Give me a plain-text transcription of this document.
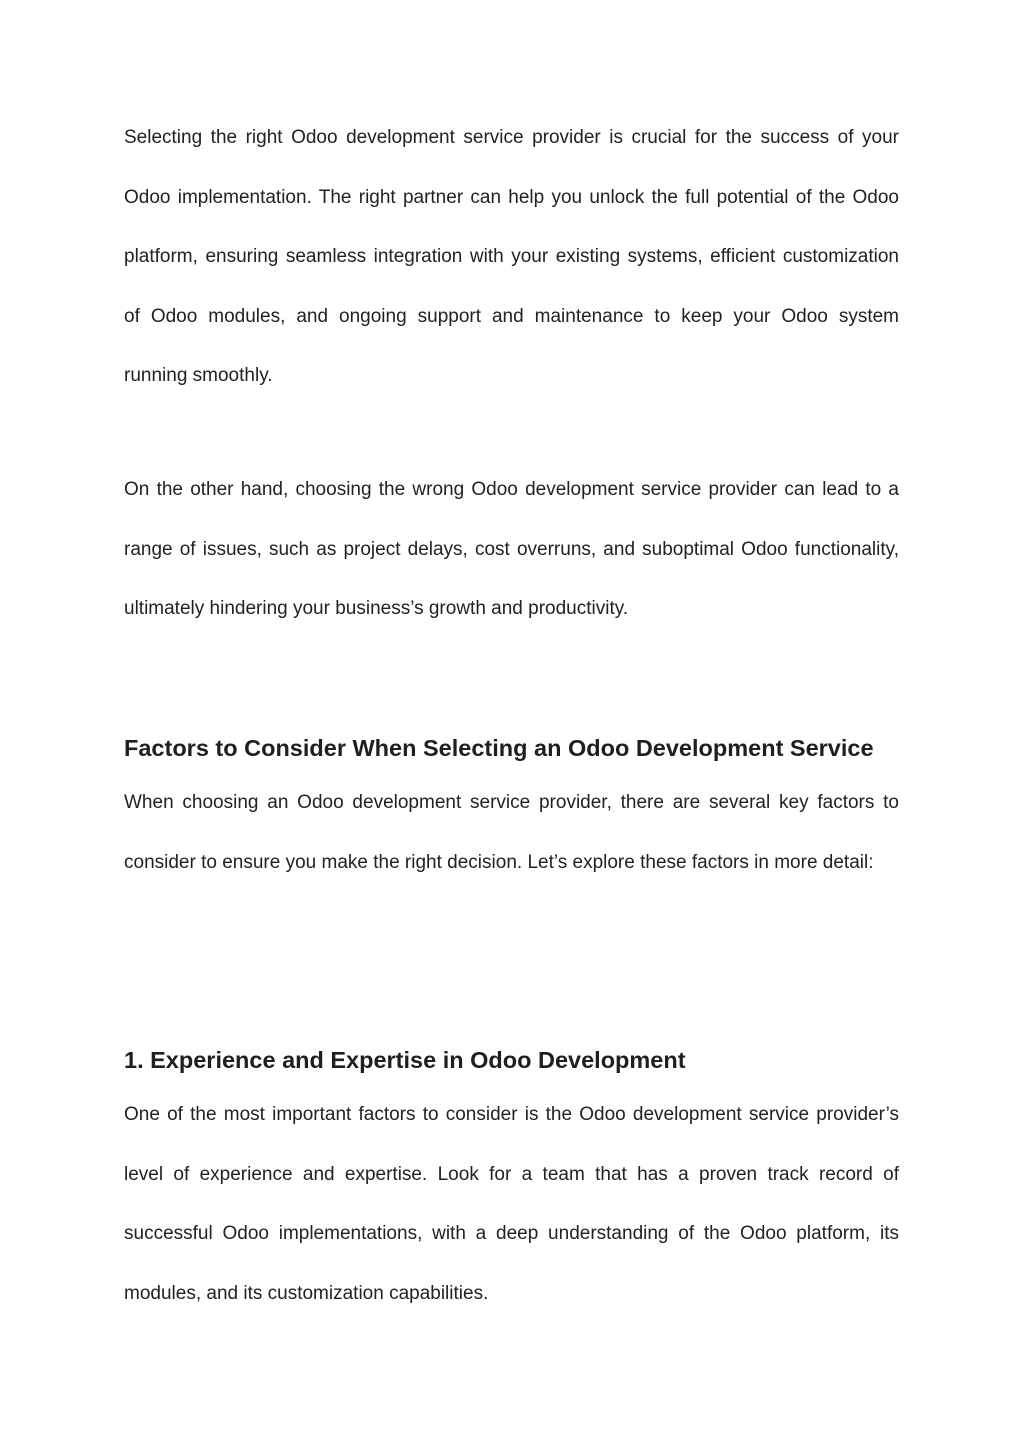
Selecting the right Odoo development service provider is crucial for the success of your Odoo implementation. The right partner can help you unlock the full potential of the Odoo platform, ensuring seamless integration with your existing systems, efficient customization of Odoo modules, and ongoing support and maintenance to keep your Odoo system running smoothly.

On the other hand, choosing the wrong Odoo development service provider can lead to a range of issues, such as project delays, cost overruns, and suboptimal Odoo functionality, ultimately hindering your business’s growth and productivity.

Factors to Consider When Selecting an Odoo Development Service

When choosing an Odoo development service provider, there are several key factors to consider to ensure you make the right decision. Let’s explore these factors in more detail:

1. Experience and Expertise in Odoo Development

One of the most important factors to consider is the Odoo development service provider’s level of experience and expertise. Look for a team that has a proven track record of successful Odoo implementations, with a deep understanding of the Odoo platform, its modules, and its customization capabilities.
